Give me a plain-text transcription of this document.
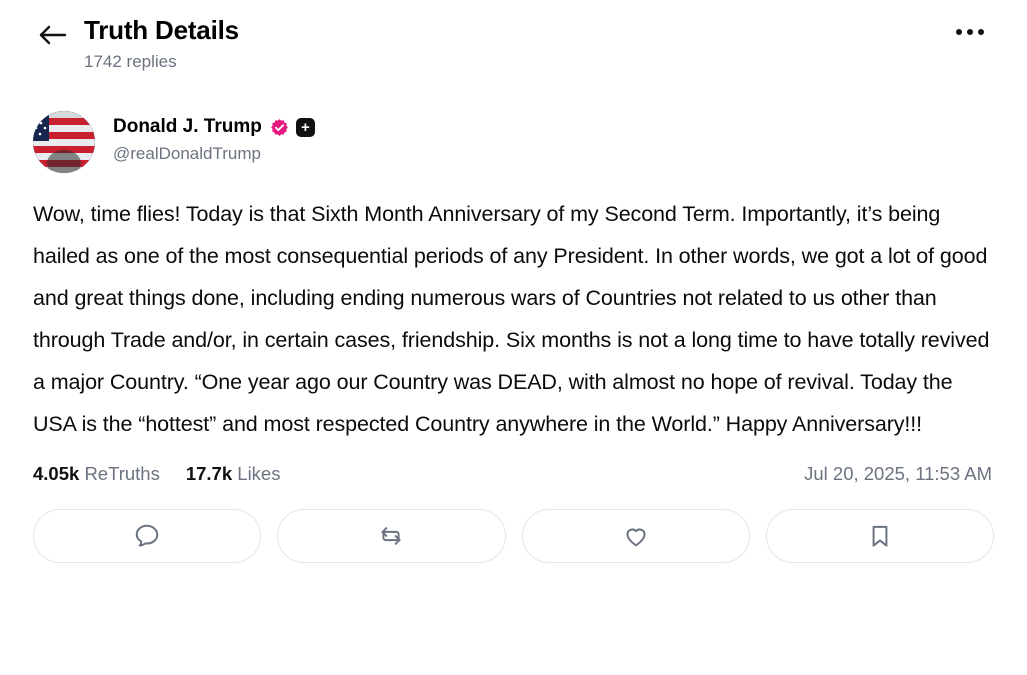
Truth Details
1742 replies
Donald J. Trump	+
@realDonaldTrump
Wow, time flies! Today is that Sixth Month Anniversary of my Second Term. Importantly, it’s being hailed as one of the most consequential periods of any President. In other words, we got a lot of good and great things done, including ending numerous wars of Countries not related to us other than through Trade and/or, in certain cases, friendship. Six months is not a long time to have totally revived a major Country. “One year ago our Country was DEAD, with almost no hope of revival. Today the USA is the “hottest” and most respected Country anywhere in the World.” Happy Anniversary!!!
4.05k ReTruths 17.7k Likes	Jul 20, 2025, 11:53 AM
